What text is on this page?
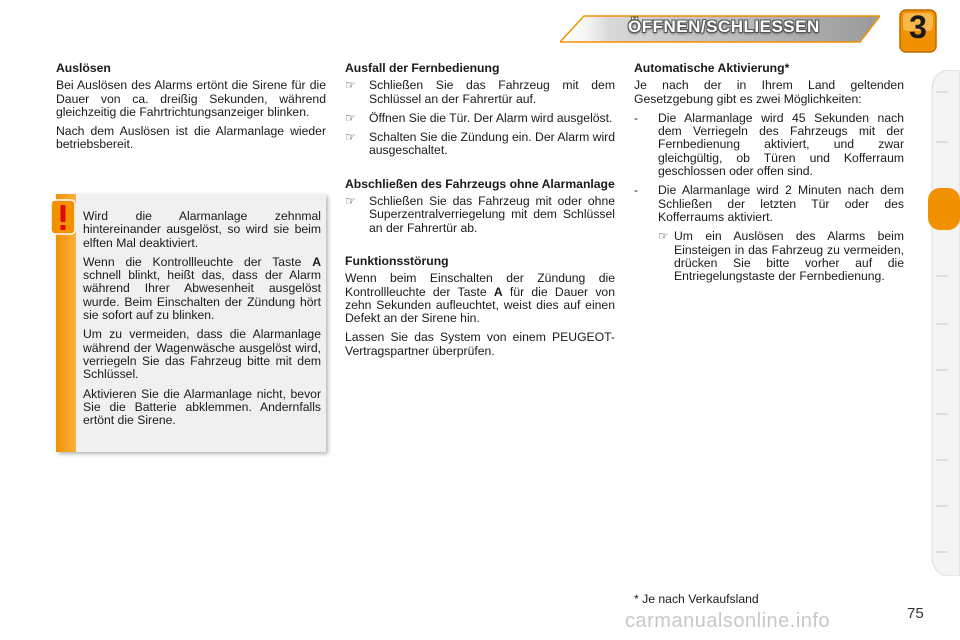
ÖFFNEN/SCHLIESSEN	3
Auslösen

Bei Auslösen des Alarms ertönt die Sirene für die Dauer von ca. dreißig Sekunden, während gleichzeitig die Fahrtrichtungsanzeiger blinken.

Nach dem Auslösen ist die Alarmanlage wieder betriebsbereit.

Wird die Alarmanlage zehnmal hintereinander ausgelöst, so wird sie beim elften Mal deaktiviert.

Wenn die Kontrollleuchte der Taste A schnell blinkt, heißt das, dass der Alarm während Ihrer Abwesenheit ausgelöst wurde. Beim Einschalten der Zündung hört sie sofort auf zu blinken.

Um zu vermeiden, dass die Alarmanlage während der Wagenwäsche ausgelöst wird, verriegeln Sie das Fahrzeug bitte mit dem Schlüssel.

Aktivieren Sie die Alarmanlage nicht, bevor Sie die Batterie abklemmen. Andernfalls ertönt die Sirene.

Ausfall der Fernbedienung
☞ Schließen Sie das Fahrzeug mit dem Schlüssel an der Fahrertür auf.
☞ Öffnen Sie die Tür. Der Alarm wird ausgelöst.
☞ Schalten Sie die Zündung ein. Der Alarm wird ausgeschaltet.
Abschließen des Fahrzeugs ohne Alarmanlage
☞ Schließen Sie das Fahrzeug mit oder ohne Superzentralverriegelung mit dem Schlüssel an der Fahrertür ab.
Funktionsstörung

Wenn beim Einschalten der Zündung die Kontrollleuchte der Taste A für die Dauer von zehn Sekunden aufleuchtet, weist dies auf einen Defekt an der Sirene hin.

Lassen Sie das System von einem PEUGEOT-Vertragspartner überprüfen.

Automatische Aktivierung*

Je nach der in Ihrem Land geltenden Gesetzgebung gibt es zwei Möglichkeiten:

- Die Alarmanlage wird 45 Sekunden nach dem Verriegeln des Fahrzeugs mit der Fernbedienung aktiviert, und zwar gleichgültig, ob Türen und Kofferraum geschlossen oder offen sind.
- Die Alarmanlage wird 2 Minuten nach dem Schließen der letzten Tür oder des Kofferraums aktiviert.
☞ Um ein Auslösen des Alarms beim Einsteigen in das Fahrzeug zu vermeiden, drücken Sie bitte vorher auf die Entriegelungstaste der Fernbedienung.
* Je nach Verkaufsland
carmanualsonline.info	75
